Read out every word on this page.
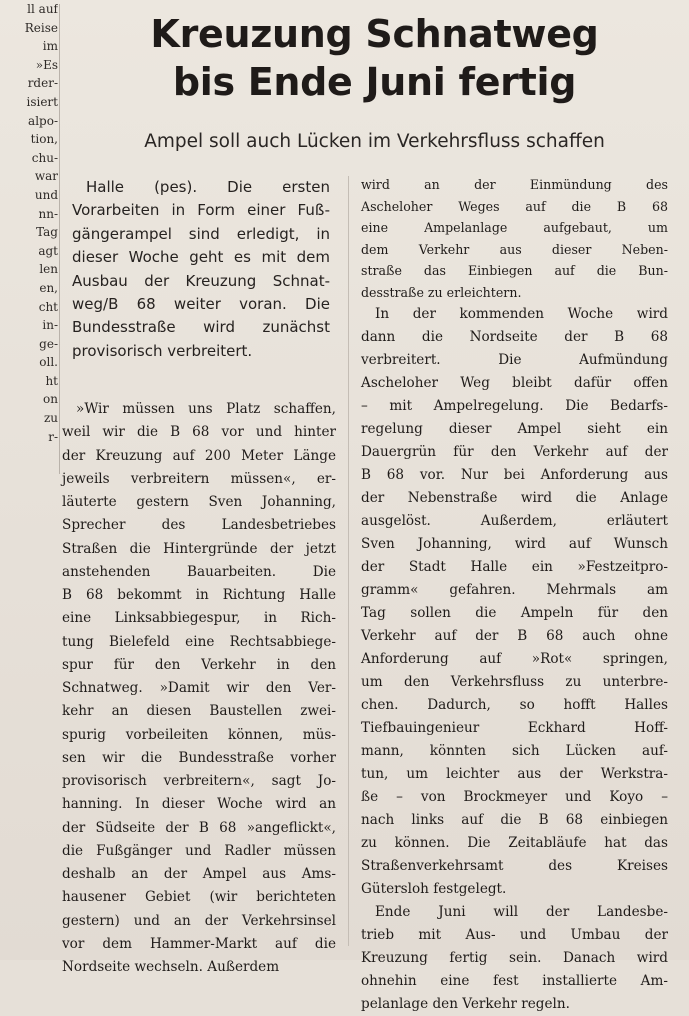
ll auf
Reise
im
»Es
rder-
isiert
alpo-
tion,
chu-
war
und
nn-
Tag
agt
len
en,
cht
in-
ge-
oll.
ht
on
zu
r-
Kreuzung Schnatweg
bis Ende Juni fertig
Ampel soll auch Lücken im Verkehrsfluss schaffen
Halle (pes). Die ersten
Vorarbeiten in Form einer Fuß-
gängerampel sind erledigt, in
dieser Woche geht es mit dem
Ausbau der Kreuzung Schnat-
weg/B 68 weiter voran. Die
Bundesstraße wird zunächst
provisorisch verbreitert.
»Wir müssen uns Platz schaffen,
weil wir die B 68 vor und hinter
der Kreuzung auf 200 Meter Länge
jeweils verbreitern müssen«, er-
läuterte gestern Sven Johanning,
Sprecher des Landesbetriebes
Straßen die Hintergründe der jetzt
anstehenden Bauarbeiten. Die
B 68 bekommt in Richtung Halle
eine Linksabbiegespur, in Rich-
tung Bielefeld eine Rechtsabbiege-
spur für den Verkehr in den
Schnatweg. »Damit wir den Ver-
kehr an diesen Baustellen zwei-
spurig vorbeileiten können, müs-
sen wir die Bundesstraße vorher
provisorisch verbreitern«, sagt Jo-
hanning. In dieser Woche wird an
der Südseite der B 68 »angeflickt«,
die Fußgänger und Radler müssen
deshalb an der Ampel aus Ams-
hausener Gebiet (wir berichteten
gestern) und an der Verkehrsinsel
vor dem Hammer-Markt auf die
Nordseite wechseln. Außerdem
wird an der Einmündung des
Ascheloher Weges auf die B 68
eine Ampelanlage aufgebaut, um
dem Verkehr aus dieser Neben-
straße das Einbiegen auf die Bun-
desstraße zu erleichtern.
In der kommenden Woche wird
dann die Nordseite der B 68
verbreitert. Die Aufmündung
Ascheloher Weg bleibt dafür offen
– mit Ampelregelung. Die Bedarfs-
regelung dieser Ampel sieht ein
Dauergrün für den Verkehr auf der
B 68 vor. Nur bei Anforderung aus
der Nebenstraße wird die Anlage
ausgelöst. Außerdem, erläutert
Sven Johanning, wird auf Wunsch
der Stadt Halle ein »Festzeitpro-
gramm« gefahren. Mehrmals am
Tag sollen die Ampeln für den
Verkehr auf der B 68 auch ohne
Anforderung auf »Rot« springen,
um den Verkehrsfluss zu unterbre-
chen. Dadurch, so hofft Halles
Tiefbauingenieur Eckhard Hoff-
mann, könnten sich Lücken auf-
tun, um leichter aus der Werkstra-
ße – von Brockmeyer und Koyo –
nach links auf die B 68 einbiegen
zu können. Die Zeitabläufe hat das
Straßenverkehrsamt des Kreises
Gütersloh festgelegt.
Ende Juni will der Landesbe-
trieb mit Aus- und Umbau der
Kreuzung fertig sein. Danach wird
ohnehin eine fest installierte Am-
pelanlage den Verkehr regeln.
